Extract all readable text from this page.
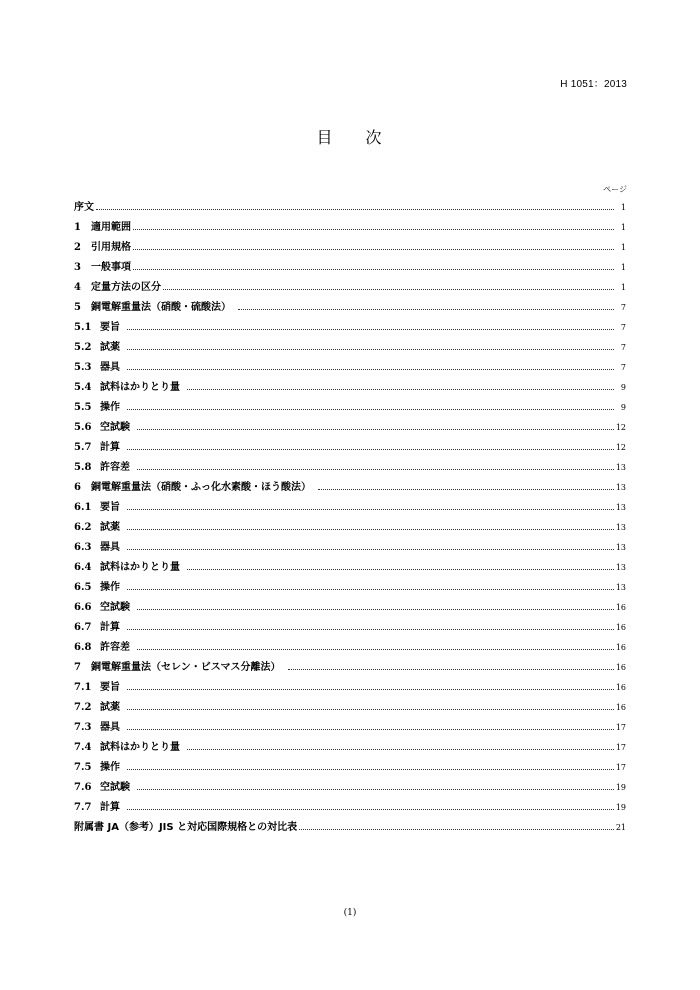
H 1051：2013
目 次
ページ
序文	1
1	適用範囲	1
2	引用規格	1
3	一般事項	1
4	定量方法の区分	1
5	銅電解重量法（硝酸・硫酸法）	7
5.1 要旨	7
5.2 試薬	7
5.3 器具	7
5.4 試料はかりとり量	9
5.5 操作	9
5.6 空試験	12
5.7 計算	12
5.8 許容差	13
6	銅電解重量法（硝酸・ふっ化水素酸・ほう酸法）	13
6.1 要旨	13
6.2 試薬	13
6.3 器具	13
6.4 試料はかりとり量	13
6.5 操作	13
6.6 空試験	16
6.7 計算	16
6.8 許容差	16
7	銅電解重量法（セレン・ビスマス分離法）	16
7.1 要旨	16
7.2 試薬	16
7.3 器具	17
7.4 試料はかりとり量	17
7.5 操作	17
7.6 空試験	19
7.7 計算	19
附属書 JA（参考）JIS と対応国際規格との対比表	21
(1)
